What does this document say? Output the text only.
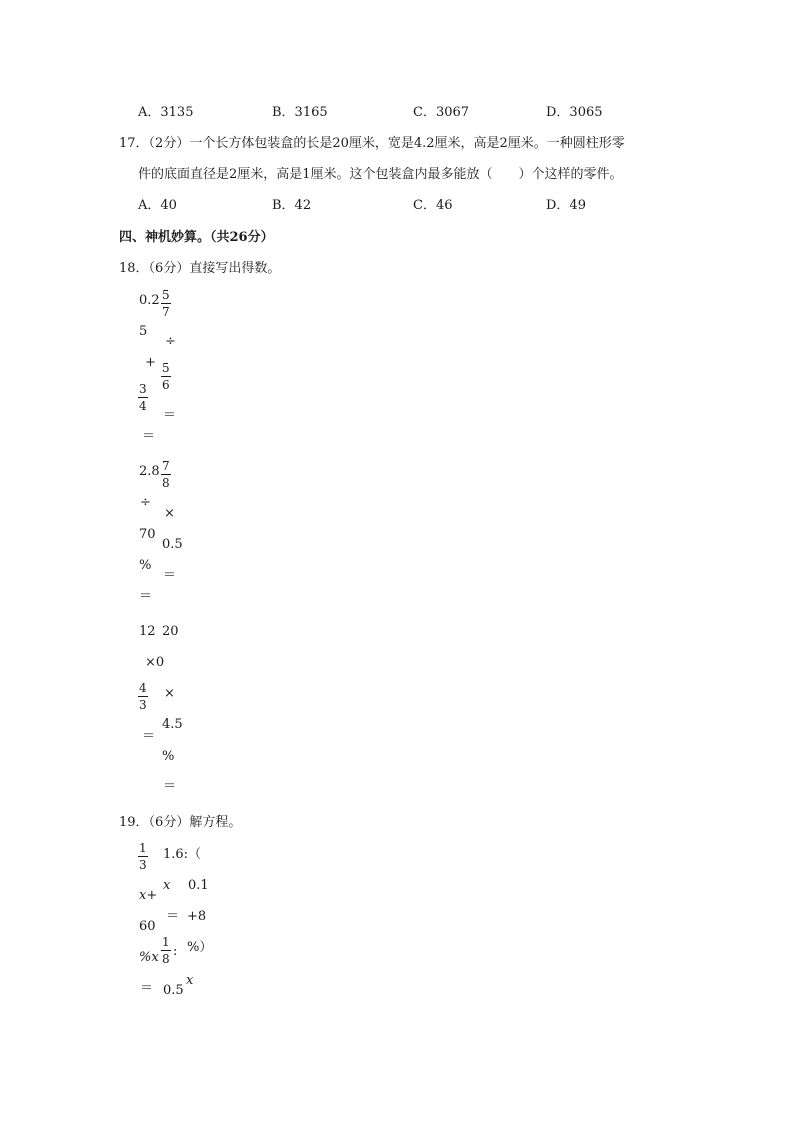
A．3135	B．3165	C．3067	D．3065
17．（2分）一个长方体包装盒的长是20厘米，宽是4.2厘米，高是2厘米。一种圆柱形零
件的底面直径是2厘米，高是1厘米。这个包装盒内最多能放（　　）个这样的零件。
A．40	B．42	C．46	D．49
四、神机妙算。（共26分）
18．（6分）直接写出得数。
0.2 5
7
5
÷
+ 5
6
3
4
＝
＝
2.8 7
8
÷
×
70
0.5
%
＝
＝
12 20
×0
4
3
×
＝
4.5
%
＝
19．（6分）解方程。
1
3
1.6:（
x+
x 0.1
60
＝ +8
%x
1
8 : %）
＝ 0.5
x
